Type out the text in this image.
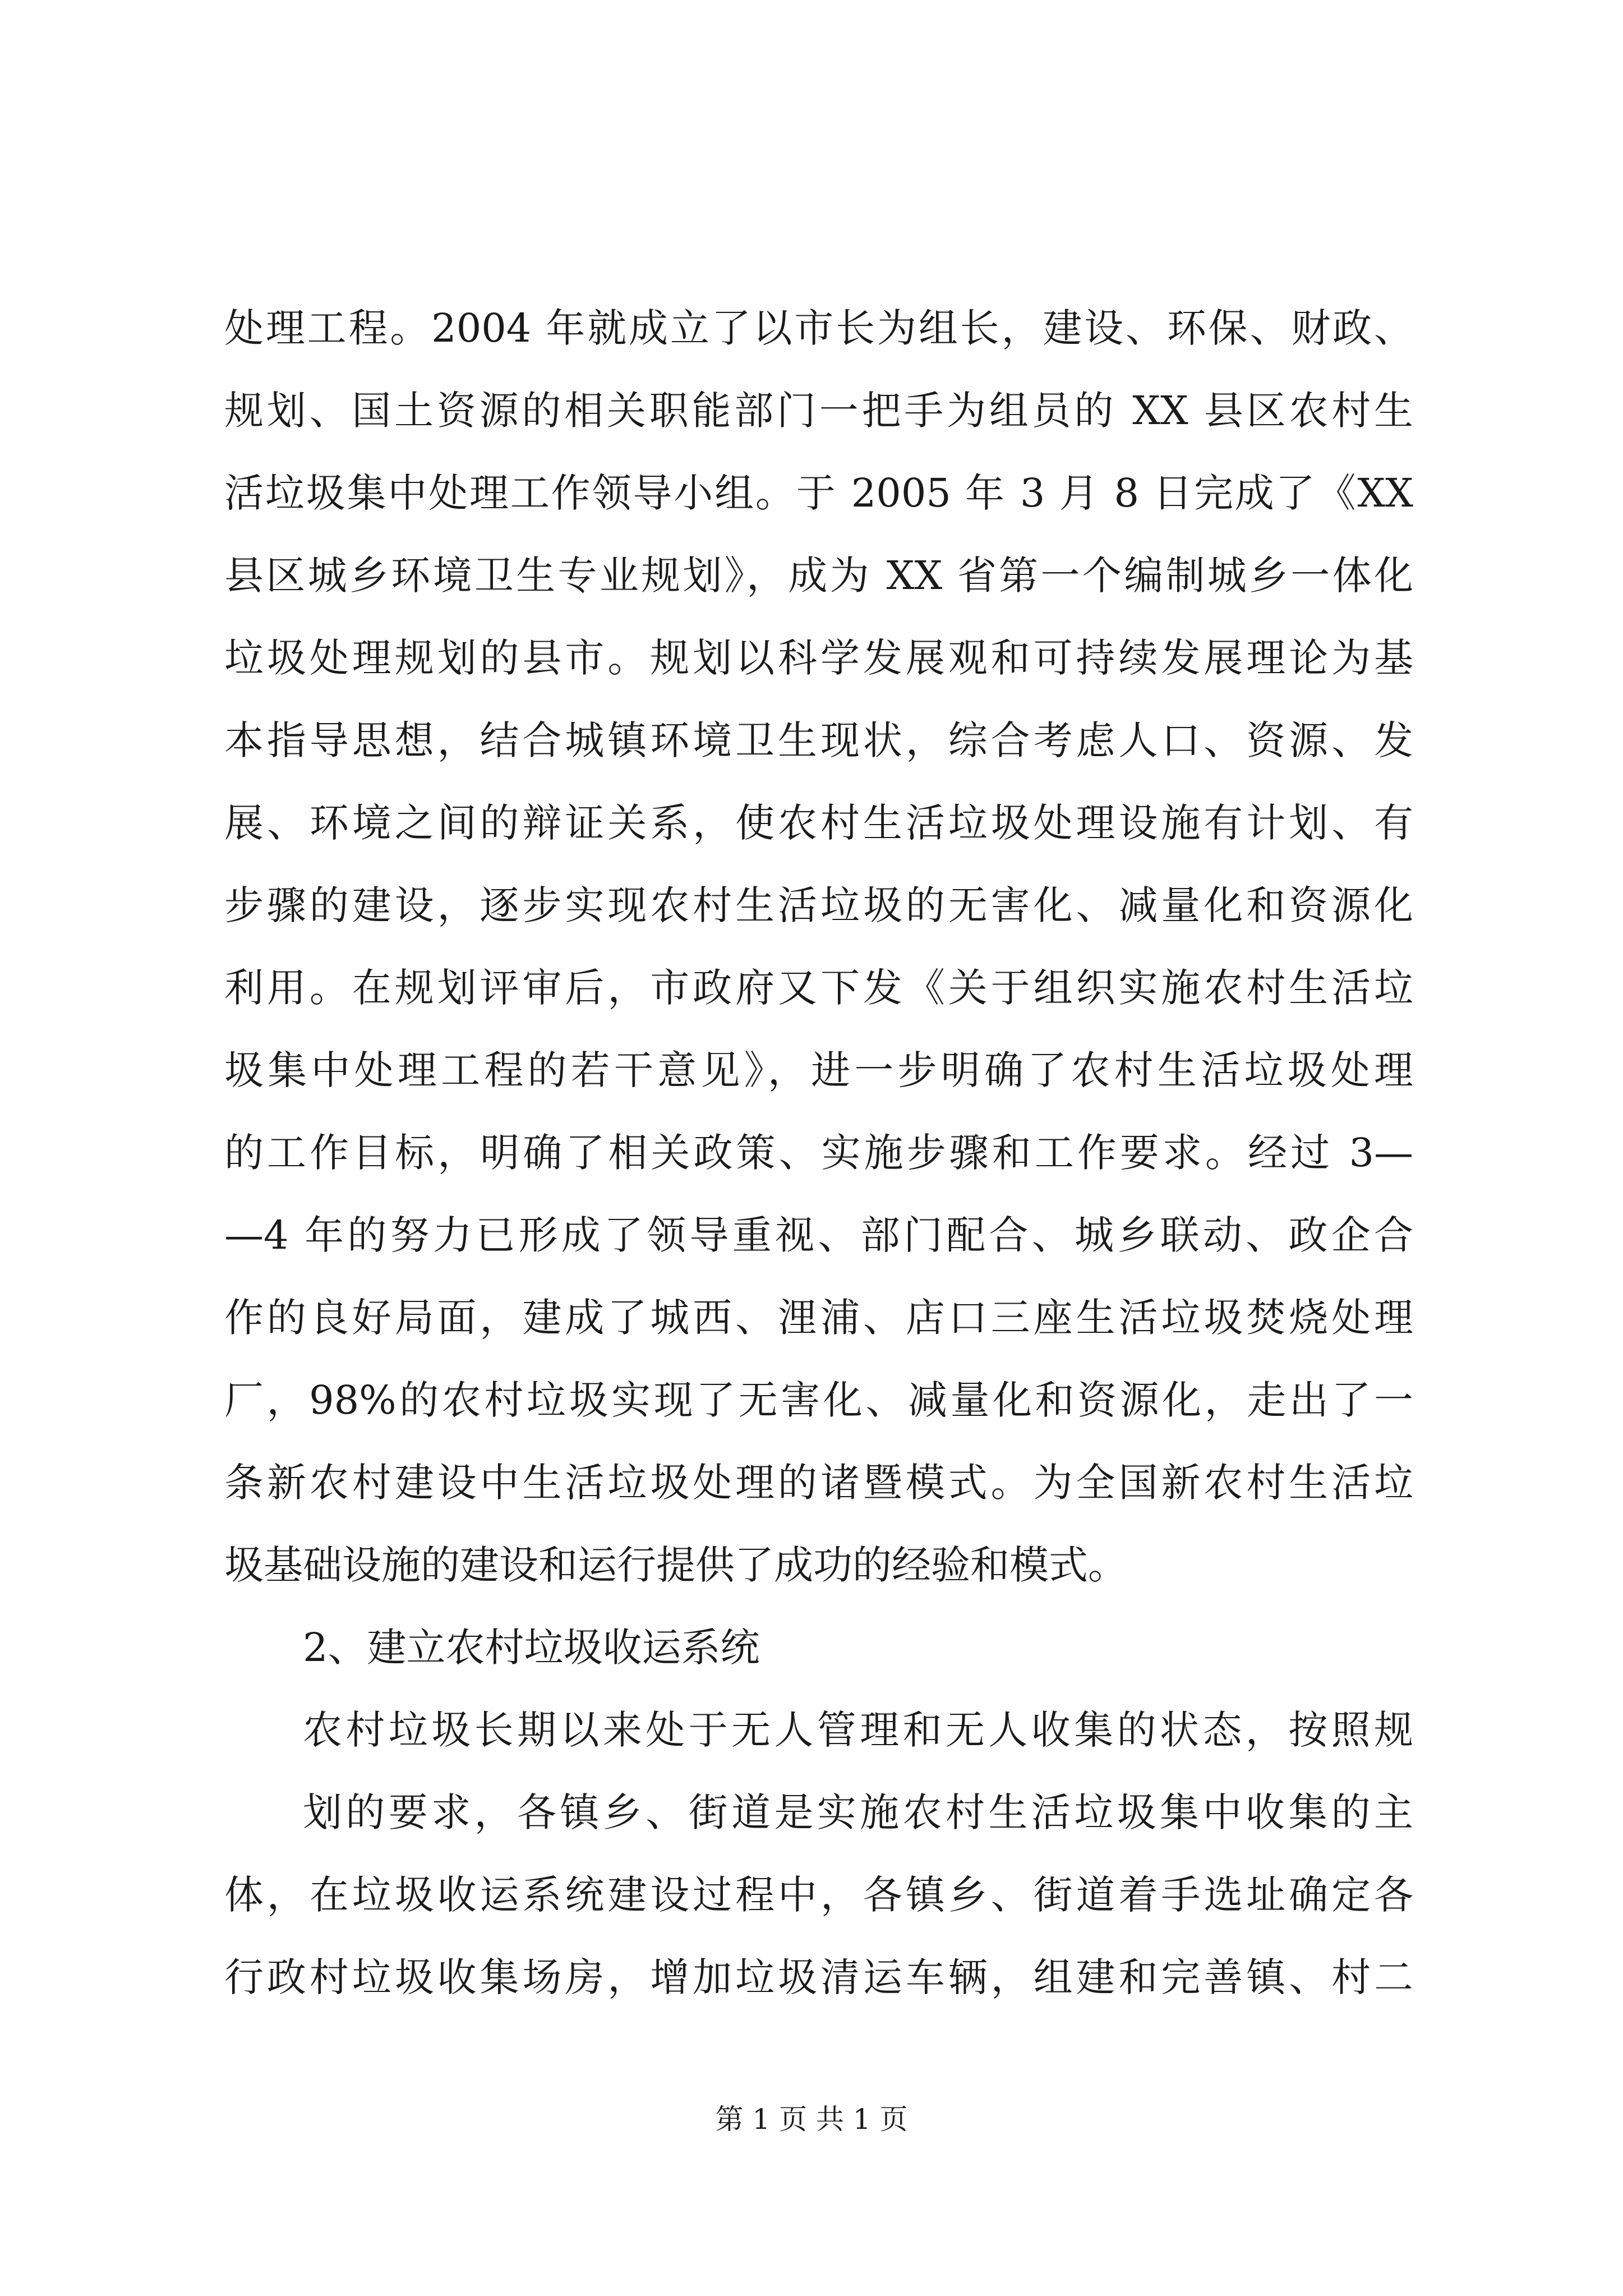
处理工程。2004 年就成立了以市长为组长，建设、环保、财政、
规划、国土资源的相关职能部门一把手为组员的 XX 县区农村生
活垃圾集中处理工作领导小组。于 2005 年 3 月 8 日完成了《XX
县区城乡环境卫生专业规划》，成为 XX 省第一个编制城乡一体化
垃圾处理规划的县市。规划以科学发展观和可持续发展理论为基
本指导思想，结合城镇环境卫生现状，综合考虑人口、资源、发
展、环境之间的辩证关系，使农村生活垃圾处理设施有计划、有
步骤的建设，逐步实现农村生活垃圾的无害化、减量化和资源化
利用。在规划评审后，市政府又下发《关于组织实施农村生活垃
圾集中处理工程的若干意见》，进一步明确了农村生活垃圾处理
的工作目标，明确了相关政策、实施步骤和工作要求。经过 3—
—4 年的努力已形成了领导重视、部门配合、城乡联动、政企合
作的良好局面，建成了城西、浬浦、店口三座生活垃圾焚烧处理
厂，98%的农村垃圾实现了无害化、减量化和资源化，走出了一
条新农村建设中生活垃圾处理的诸暨模式。为全国新农村生活垃
圾基础设施的建设和运行提供了成功的经验和模式。
2、建立农村垃圾收运系统
农村垃圾长期以来处于无人管理和无人收集的状态，按照规
划的要求，各镇乡、街道是实施农村生活垃圾集中收集的主
体，在垃圾收运系统建设过程中，各镇乡、街道着手选址确定各
行政村垃圾收集场房，增加垃圾清运车辆，组建和完善镇、村二
第 1 页 共 1 页
